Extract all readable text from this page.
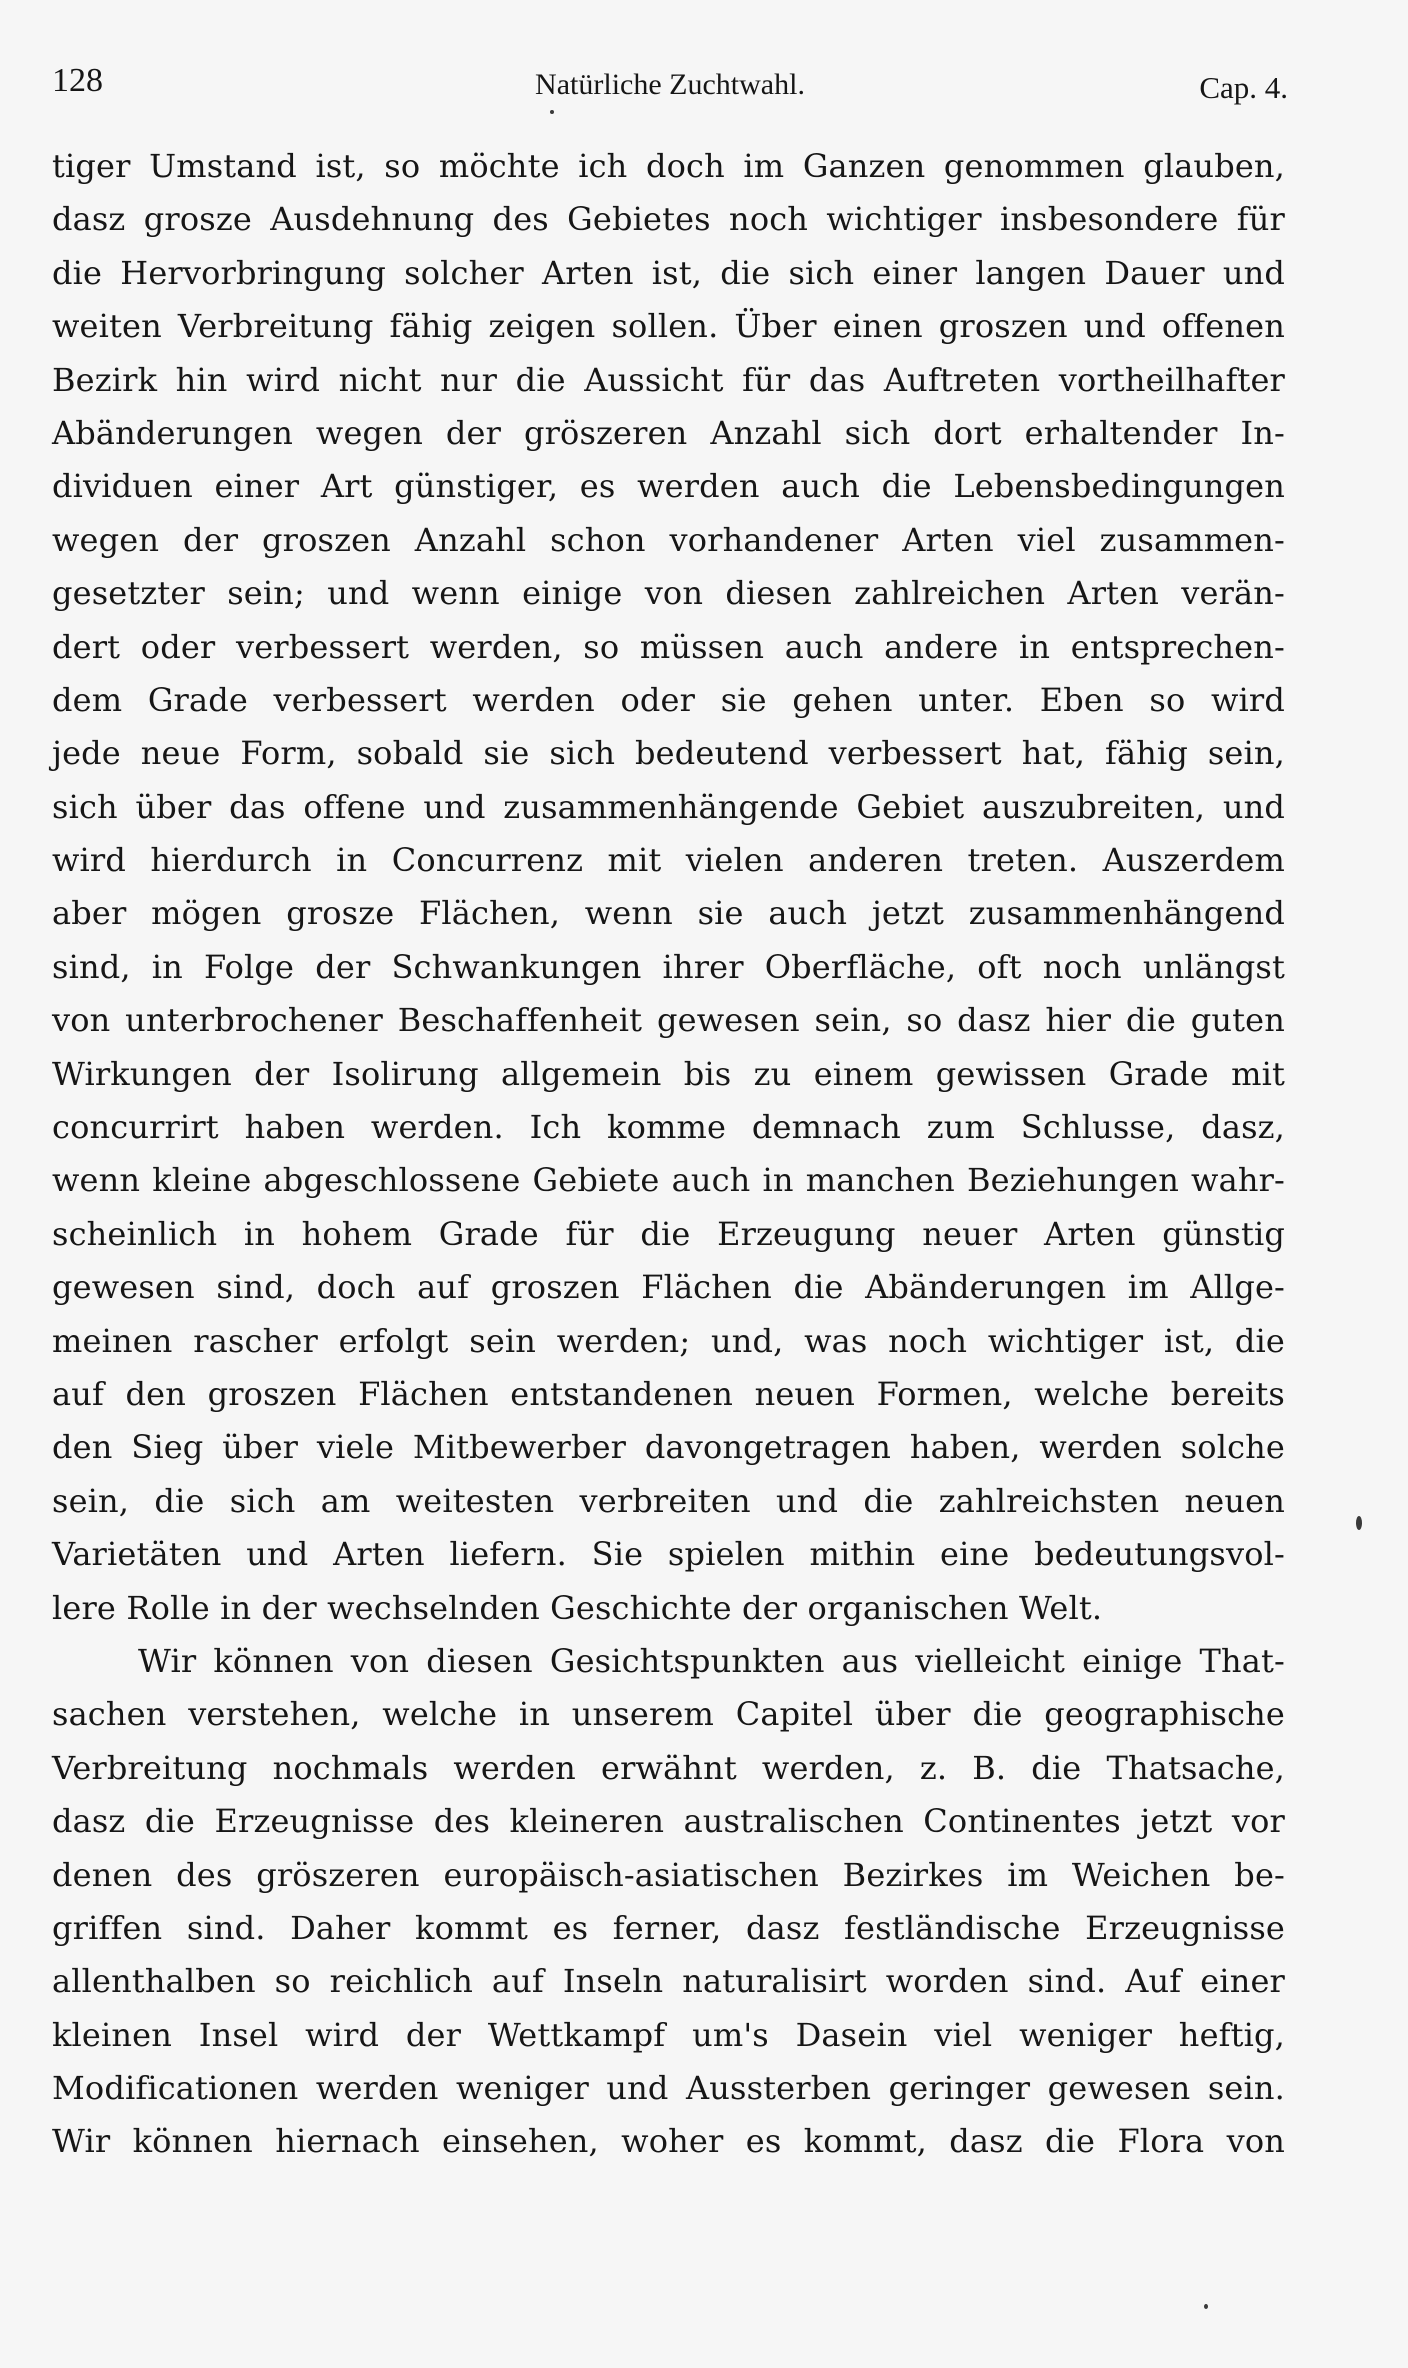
128	Natürliche Zuchtwahl.	Cap. 4.
tiger Umstand ist, so möchte ich doch im Ganzen genommen glauben,
dasz grosze Ausdehnung des Gebietes noch wichtiger insbesondere für
die Hervorbringung solcher Arten ist, die sich einer langen Dauer und
weiten Verbreitung fähig zeigen sollen. Über einen groszen und offenen
Bezirk hin wird nicht nur die Aussicht für das Auftreten vortheilhafter
Abänderungen wegen der gröszeren Anzahl sich dort erhaltender In-
dividuen einer Art günstiger, es werden auch die Lebensbedingungen
wegen der groszen Anzahl schon vorhandener Arten viel zusammen-
gesetzter sein; und wenn einige von diesen zahlreichen Arten verän-
dert oder verbessert werden, so müssen auch andere in entsprechen-
dem Grade verbessert werden oder sie gehen unter. Eben so wird
jede neue Form, sobald sie sich bedeutend verbessert hat, fähig sein,
sich über das offene und zusammenhängende Gebiet auszubreiten, und
wird hierdurch in Concurrenz mit vielen anderen treten. Auszerdem
aber mögen grosze Flächen, wenn sie auch jetzt zusammenhängend
sind, in Folge der Schwankungen ihrer Oberfläche, oft noch unlängst
von unterbrochener Beschaffenheit gewesen sein, so dasz hier die guten
Wirkungen der Isolirung allgemein bis zu einem gewissen Grade mit
concurrirt haben werden. Ich komme demnach zum Schlusse, dasz,
wenn kleine abgeschlossene Gebiete auch in manchen Beziehungen wahr-
scheinlich in hohem Grade für die Erzeugung neuer Arten günstig
gewesen sind, doch auf groszen Flächen die Abänderungen im Allge-
meinen rascher erfolgt sein werden; und, was noch wichtiger ist, die
auf den groszen Flächen entstandenen neuen Formen, welche bereits
den Sieg über viele Mitbewerber davongetragen haben, werden solche
sein, die sich am weitesten verbreiten und die zahlreichsten neuen
Varietäten und Arten liefern. Sie spielen mithin eine bedeutungsvol-
lere Rolle in der wechselnden Geschichte der organischen Welt.
Wir können von diesen Gesichtspunkten aus vielleicht einige That-
sachen verstehen, welche in unserem Capitel über die geographische
Verbreitung nochmals werden erwähnt werden, z. B. die Thatsache,
dasz die Erzeugnisse des kleineren australischen Continentes jetzt vor
denen des gröszeren europäisch-asiatischen Bezirkes im Weichen be-
griffen sind. Daher kommt es ferner, dasz festländische Erzeugnisse
allenthalben so reichlich auf Inseln naturalisirt worden sind. Auf einer
kleinen Insel wird der Wettkampf um's Dasein viel weniger heftig,
Modificationen werden weniger und Aussterben geringer gewesen sein.
Wir können hiernach einsehen, woher es kommt, dasz die Flora von
